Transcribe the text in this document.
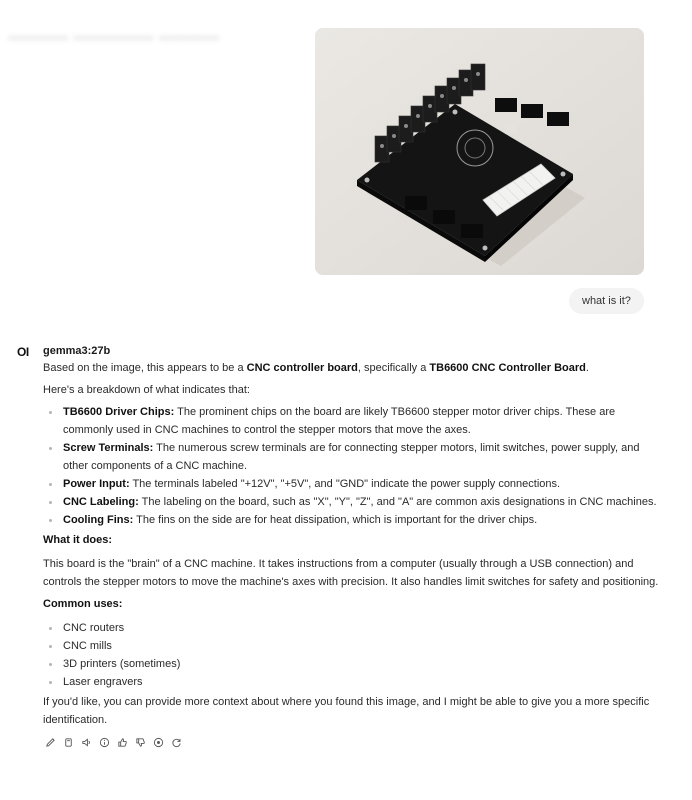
▬▬▬ ▬▬▬▬ ▬▬▬
what is it?
OI gemma3:27b

Based on the image, this appears to be a CNC controller board, specifically a TB6600 CNC Controller Board.

Here's a breakdown of what indicates that:

TB6600 Driver Chips: The prominent chips on the board are likely TB6600 stepper motor driver chips. These are commonly used in CNC machines to control the stepper motors that move the axes.
Screw Terminals: The numerous screw terminals are for connecting stepper motors, limit switches, power supply, and other components of a CNC machine.
Power Input: The terminals labeled "+12V", "+5V", and "GND" indicate the power supply connections.
CNC Labeling: The labeling on the board, such as "X", "Y", "Z", and "A" are common axis designations in CNC machines.
Cooling Fins: The fins on the side are for heat dissipation, which is important for the driver chips.
What it does:

This board is the "brain" of a CNC machine. It takes instructions from a computer (usually through a USB connection) and controls the stepper motors to move the machine's axes with precision. It also handles limit switches for safety and positioning.

Common uses:
CNC routers
CNC mills
3D printers (sometimes)
Laser engravers

If you'd like, you can provide more context about where you found this image, and I might be able to give you a more specific identification.
